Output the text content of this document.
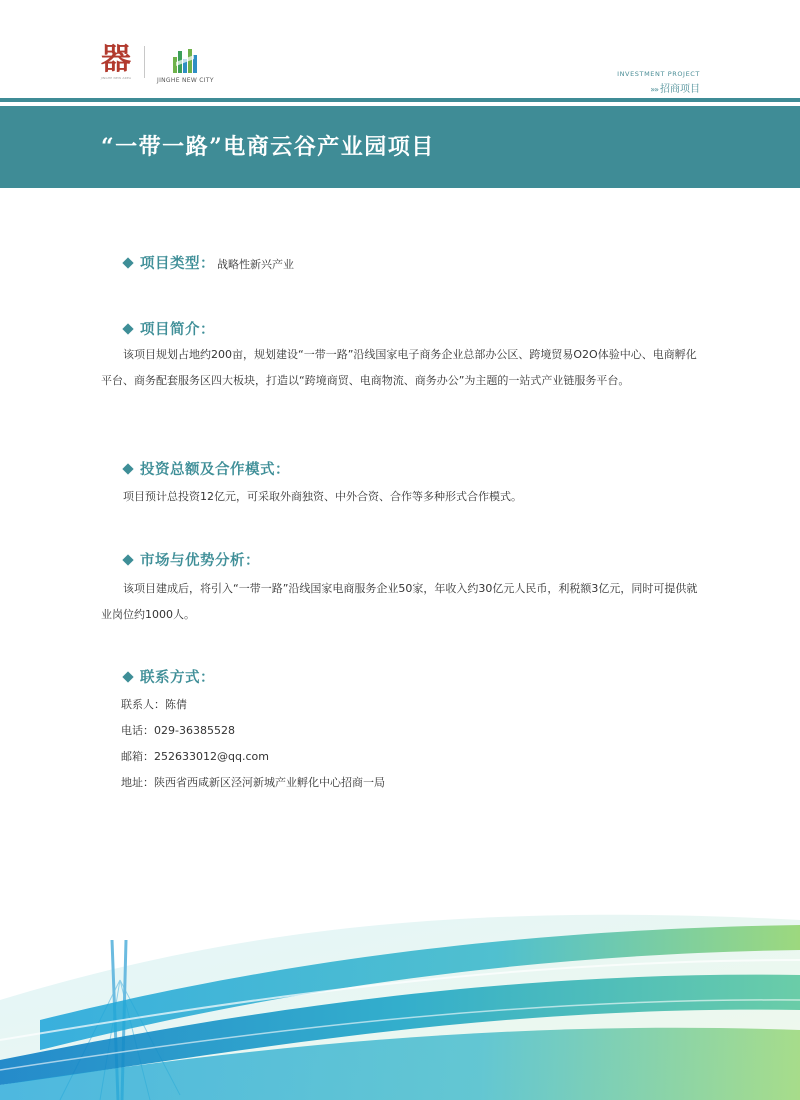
器
JINGHE NEW AREA	JINGHE NEW CITY
INVESTMENT PROJECT
»» 招商项目
“一带一路”电商云谷产业园项目
项目类型： 战略性新兴产业
项目简介：
该项目规划占地约200亩，规划建设“一带一路”沿线国家电子商务企业总部办公区、跨境贸易O2O体验中心、电商孵化平台、商务配套服务区四大板块，打造以“跨境商贸、电商物流、商务办公”为主题的一站式产业链服务平台。
投资总额及合作模式：
项目预计总投资12亿元，可采取外商独资、中外合资、合作等多种形式合作模式。
市场与优势分析：
该项目建成后，将引入“一带一路”沿线国家电商服务企业50家，年收入约30亿元人民币，利税额3亿元，同时可提供就业岗位约1000人。
联系方式：
联系人：陈倩
电话：029-36385528
邮箱：252633012@qq.com
地址：陕西省西咸新区泾河新城产业孵化中心招商一局
